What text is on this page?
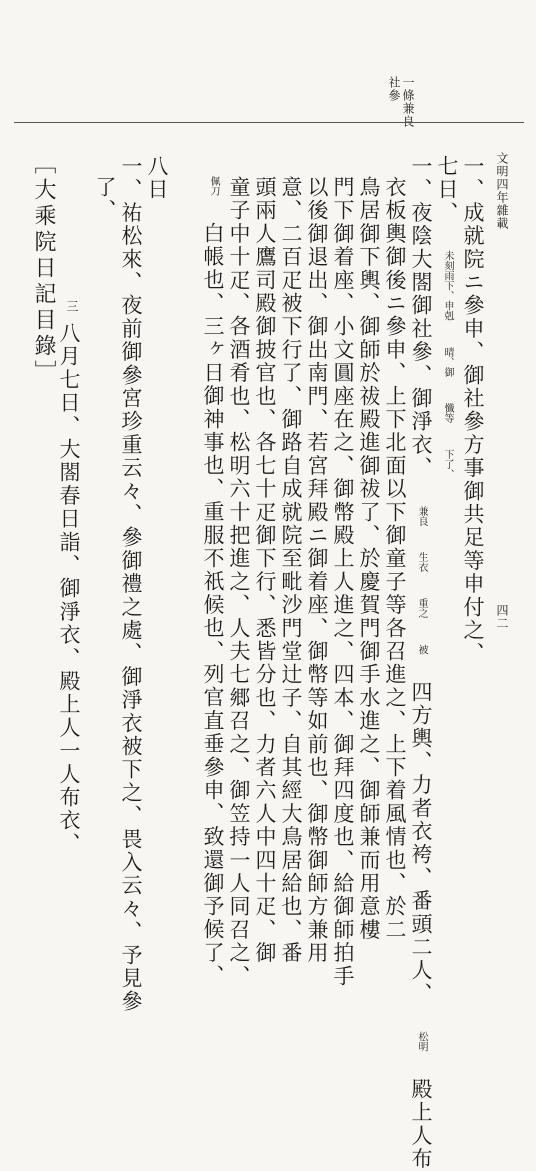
文明四年雜載
四二
一條兼良
社參
一、成就院ニ參申、御社參方事御共足等申付之、
七日、 未刻雨下、申剋 晴、御 懺等 下了、
一、夜陰大閤御社參、御淨衣、 兼良 生衣 重之 被 四方輿、力者衣袴、番頭二人、 松明 殿上人布
衣板輿御後ニ參申、上下北面以下御童子等各召進之、上下着風情也、於二
鳥居御下輿、御師於祓殿進御祓了、於慶賀門御手水進之、御師兼而用意樓
門下御着座、小文圓座在之、御幣殿上人進之、四本、御拜四度也、給御師拍手
以後御退出、御出南門、若宮拜殿ニ御着座、御幣等如前也、御幣御師方兼用
意、二百疋被下行了、御路自成就院至毗沙門堂辻子、自其經大鳥居給也、番
頭兩人鷹司殿御披官也、各七十疋御下行、悉皆分也、力者六人中四十疋、御
童子中十疋、各酒肴也、松明六十把進之、人夫七郷召之、御笠持一人同召之、
佩刀 白帳也、三ヶ日御神事也、重服不祇候也、列官直垂參申、致還御予候了、
八日
一、祐松來、夜前御參宮珍重云々、參御禮之處、御淨衣被下之、畏入云々、予見參
了、
［大乘院日記目錄］ 三
八月七日、大閤春日詣、御淨衣、殿上人一人布衣、
